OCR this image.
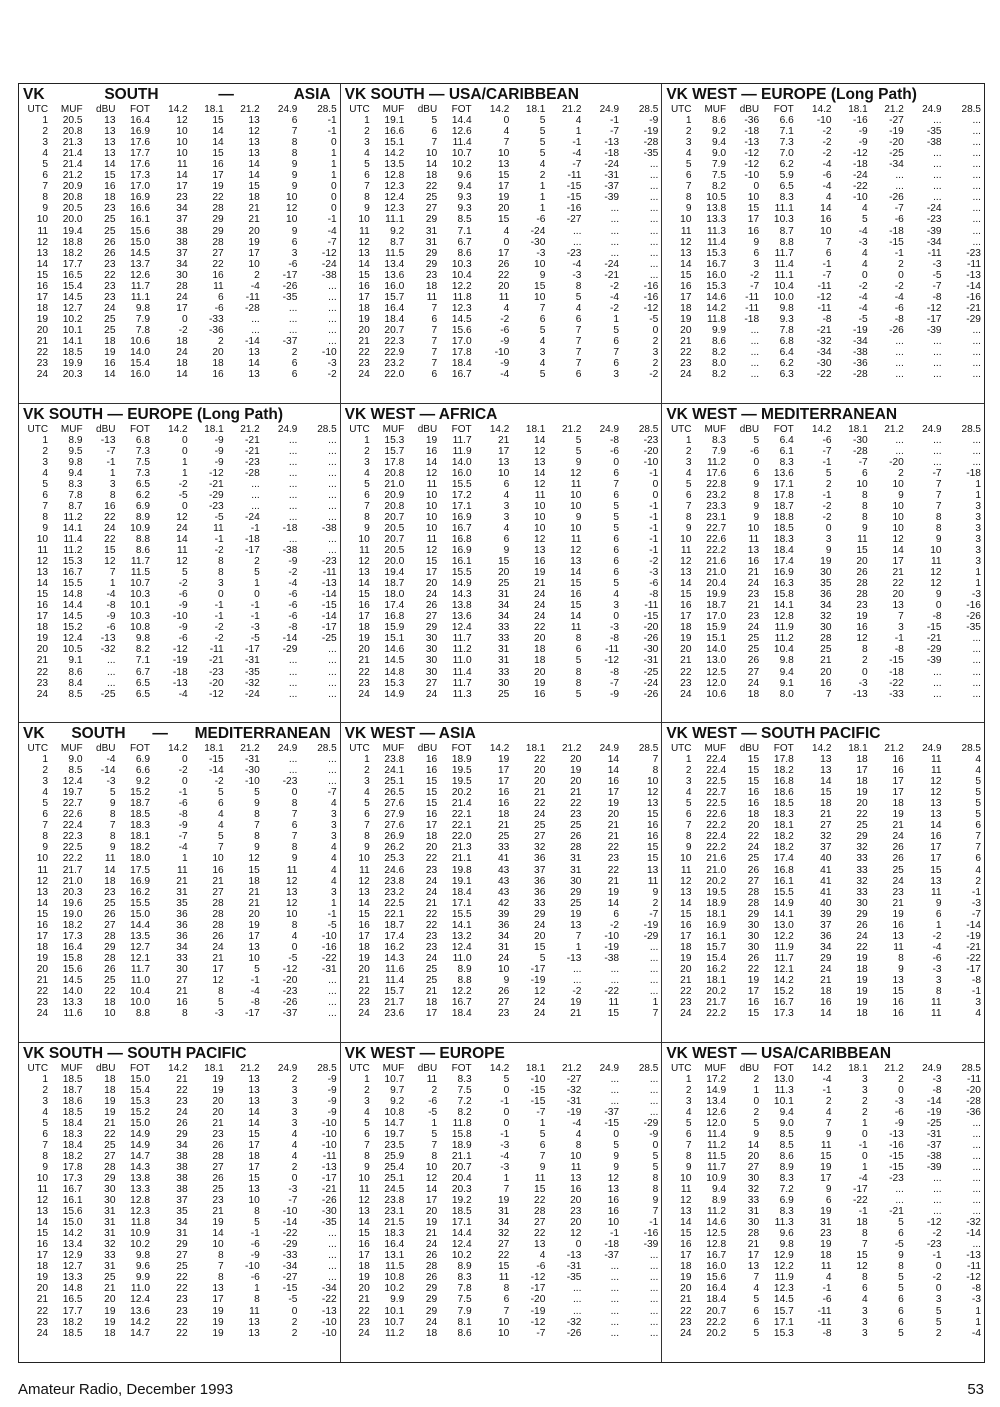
VK	SOUTH	—	ASIA
UTC	MUF	dBU	FOT	14.2	18.1	21.2	24.9	28.5
1	20.5	13	16.4	12	15	13	6	-1
2	20.8	13	16.9	10	14	12	7	-1
3	21.3	13	17.6	10	14	13	8	0
4	21.4	13	17.7	10	15	13	8	1
5	21.4	14	17.6	11	16	14	9	1
6	21.2	15	17.3	14	17	14	9	1
7	20.9	16	17.0	17	19	15	9	0
8	20.8	18	16.9	23	22	18	10	0
9	20.5	23	16.6	34	28	21	12	0
10	20.0	25	16.1	37	29	21	10	-1
11	19.4	25	15.6	38	29	20	9	-4
12	18.8	26	15.0	38	28	19	6	-7
13	18.2	26	14.5	37	27	17	3	-12
14	17.7	23	13.7	34	22	10	-6	-24
15	16.5	22	12.6	30	16	2	-17	-38
16	15.4	23	11.7	28	11	-4	-26	...
17	14.5	23	11.1	24	6	-11	-35	...
18	12.7	24	9.8	17	-6	-28	...	...
19	10.2	25	7.9	0	-33	...	...	...
20	10.1	25	7.8	-2	-36	...	...	...
21	14.1	18	10.6	18	2	-14	-37	...
22	18.5	19	14.0	24	20	13	2	-10
23	19.9	16	15.4	18	18	14	6	-3
24	20.3	14	16.0	14	16	13	6	-2
VK SOUTH — USA/CARIBBEAN
UTC	MUF	dBU	FOT	14.2	18.1	21.2	24.9	28.5
1	19.1	5	14.4	0	5	4	-1	-9
2	16.6	6	12.6	4	5	1	-7	-19
3	15.1	7	11.4	7	5	-1	-13	-28
4	14.2	10	10.7	10	5	-4	-18	-35
5	13.5	14	10.2	13	4	-7	-24	...
6	12.8	18	9.6	15	2	-11	-31	...
7	12.3	22	9.4	17	1	-15	-37	...
8	12.4	25	9.3	19	1	-15	-39	...
9	12.3	27	9.3	20	1	-16	...	...
10	11.1	29	8.5	15	-6	-27	...	...
11	9.2	31	7.1	4	-24	...	...	...
12	8.7	31	6.7	0	-30	...	...	...
13	11.5	29	8.6	17	-3	-23	...	...
14	13.4	29	10.3	26	10	-4	-24	...
15	13.6	23	10.4	22	9	-3	-21	...
16	16.0	18	12.2	20	15	8	-2	-16
17	15.7	11	11.8	11	10	5	-4	-16
18	16.4	7	12.3	4	7	4	-2	-12
19	18.4	6	14.5	-2	6	6	1	-5
20	20.7	7	15.6	-6	5	7	5	0
21	22.3	7	17.0	-9	4	7	6	2
22	22.9	7	17.8	-10	3	7	7	3
23	23.2	7	18.4	-9	4	7	6	2
24	22.0	6	16.7	-4	5	6	3	-2
VK WEST — EUROPE (Long Path)
UTC	MUF	dBU	FOT	14.2	18.1	21.2	24.9	28.5
1	8.6	-36	6.6	-10	-16	-27	...	...
2	9.2	-18	7.1	-2	-9	-19	-35	...
3	9.4	-13	7.3	-2	-9	-20	-38	...
4	9.0	-12	7.0	-2	-12	-25	...	...
5	7.9	-12	6.2	-4	-18	-34	...	...
6	7.5	-10	5.9	-6	-24	...	...	...
7	8.2	0	6.5	-4	-22	...	...	...
8	10.5	10	8.3	4	-10	-26	...	...
9	13.8	15	11.1	14	4	-7	-24	...
10	13.3	17	10.3	16	5	-6	-23	...
11	11.3	16	8.7	10	-4	-18	-39	...
12	11.4	9	8.8	7	-3	-15	-34	...
13	15.3	6	11.7	6	4	-1	-11	-23
14	16.7	3	11.4	-1	4	2	-3	-11
15	16.0	-2	11.1	-7	0	0	-5	-13
16	15.3	-7	10.4	-11	-2	-2	-7	-14
17	14.6	-11	10.0	-12	-4	-4	-8	-16
18	14.2	-11	9.8	-11	-4	-6	-12	-21
19	11.8	-18	9.3	-8	-5	-8	-17	-29
20	9.9	...	7.8	-21	-19	-26	-39	...
21	8.6	...	6.8	-32	-34	...	...	...
22	8.2	...	6.4	-34	-38	...	...	...
23	8.0	...	6.2	-30	-36	...	...	...
24	8.2	...	6.3	-22	-28	...	...	...
VK SOUTH — EUROPE (Long Path)
UTC	MUF	dBU	FOT	14.2	18.1	21.2	24.9	28.5
1	8.9	-13	6.8	0	-9	-21	...	...
2	9.5	-7	7.3	0	-9	-21	...	...
3	9.8	-1	7.5	1	-9	-23	...	...
4	9.4	1	7.3	1	-12	-28	...	...
5	8.3	3	6.5	-2	-21	...	...	...
6	7.8	8	6.2	-5	-29	...	...	...
7	8.7	16	6.9	0	-23	...	...	...
8	11.2	22	8.9	12	-5	-24	...	...
9	14.1	24	10.9	24	11	-1	-18	-38
10	11.4	22	8.8	14	-1	-18	...	...
11	11.2	15	8.6	11	-2	-17	-38	...
12	15.3	12	11.7	12	8	2	-9	-23
13	16.7	7	11.5	5	8	5	-2	-11
14	15.5	1	10.7	-2	3	1	-4	-13
15	14.8	-4	10.3	-6	0	0	-6	-14
16	14.4	-8	10.1	-9	-1	-1	-6	-15
17	14.5	-9	10.3	-10	-1	-1	-6	-14
18	15.2	-6	10.8	-9	-2	-3	-8	-17
19	12.4	-13	9.8	-6	-2	-5	-14	-25
20	10.5	-32	8.2	-12	-11	-17	-29	...
21	9.1	...	7.1	-19	-21	-31	...	...
22	8.6	...	6.7	-18	-23	-35	...	...
23	8.4	...	6.5	-13	-20	-32	...	...
24	8.5	-25	6.5	-4	-12	-24	...	...
VK WEST — AFRICA
UTC	MUF	dBU	FOT	14.2	18.1	21.2	24.9	28.5
1	15.3	19	11.7	21	14	5	-8	-23
2	15.7	16	11.9	17	12	5	-6	-20
3	17.8	14	14.0	13	13	9	0	-10
4	20.8	12	16.0	10	14	12	6	-1
5	21.0	11	15.5	6	12	11	7	0
6	20.9	10	17.2	4	11	10	6	0
7	20.8	10	17.1	3	10	10	5	-1
8	20.7	10	16.9	3	10	9	5	-1
9	20.5	10	16.7	4	10	10	5	-1
10	20.7	11	16.8	6	12	11	6	-1
11	20.5	12	16.9	9	13	12	6	-1
12	20.0	15	16.1	15	16	13	6	-2
13	19.4	17	15.5	20	19	14	6	-3
14	18.7	20	14.9	25	21	15	5	-6
15	18.0	24	14.3	31	24	16	4	-8
16	17.4	26	13.8	34	24	15	3	-11
17	16.8	27	13.6	34	24	14	0	-15
18	15.9	29	12.4	33	22	11	-3	-20
19	15.1	30	11.7	33	20	8	-8	-26
20	14.6	30	11.2	31	18	6	-11	-30
21	14.5	30	11.0	31	18	5	-12	-31
22	14.8	30	11.4	33	20	8	-8	-25
23	15.3	27	11.7	30	19	8	-7	-24
24	14.9	24	11.3	25	16	5	-9	-26
VK WEST — MEDITERRANEAN
UTC	MUF	dBU	FOT	14.2	18.1	21.2	24.9	28.5
1	8.3	5	6.4	-6	-30	...	...	...
2	7.9	-6	6.1	-7	-28	...	...	...
3	11.2	0	8.3	-1	-7	-20	...	...
4	17.6	6	13.6	5	6	2	-7	-18
5	22.8	9	17.1	2	10	10	7	1
6	23.2	8	17.8	-1	8	9	7	1
7	23.3	9	18.7	-2	8	10	7	3
8	23.1	9	18.8	-2	8	10	8	3
9	22.7	10	18.5	0	9	10	8	3
10	22.6	11	18.3	3	11	12	9	3
11	22.2	13	18.4	9	15	14	10	3
12	21.6	16	17.4	19	20	17	11	3
13	21.0	21	16.9	30	26	21	12	1
14	20.4	24	16.3	35	28	22	12	1
15	19.9	23	15.8	36	28	20	9	-3
16	18.7	21	14.1	34	23	13	0	-16
17	17.0	23	12.8	32	19	7	-8	-26
18	15.9	24	11.9	30	16	3	-15	-35
19	15.1	25	11.2	28	12	-1	-21	...
20	14.0	25	10.4	25	8	-8	-29	...
21	13.0	26	9.8	21	2	-15	-39	...
22	12.5	27	9.4	20	0	-18	...	...
23	12.0	24	9.1	16	-3	-22	...	...
24	10.6	18	8.0	7	-13	-33	...	...
VK SOUTH — MEDITERRANEAN
UTC	MUF	dBU	FOT	14.2	18.1	21.2	24.9	28.5
1	9.0	-4	6.9	0	-15	-31	...	...
2	8.5	-14	6.6	-2	-14	-30	...	...
3	12.4	-3	9.2	0	-2	-10	-23	...
4	19.7	5	15.2	-1	5	5	0	-7
5	22.7	9	18.7	-6	6	9	8	4
6	22.6	8	18.5	-8	4	8	7	3
7	22.4	7	18.3	-9	4	7	6	3
8	22.3	8	18.1	-7	5	8	7	3
9	22.5	9	18.2	-4	7	9	8	4
10	22.2	11	18.0	1	10	12	9	4
11	21.7	14	17.5	11	16	15	11	4
12	21.0	18	16.9	21	21	18	12	4
13	20.3	23	16.2	31	27	21	13	3
14	19.6	25	15.5	35	28	21	12	1
15	19.0	26	15.0	36	28	20	10	-1
16	18.2	27	14.4	36	28	19	8	-5
17	17.3	28	13.5	36	26	17	4	-10
18	16.4	29	12.7	34	24	13	0	-16
19	15.8	28	12.1	33	21	10	-5	-22
20	15.6	26	11.7	30	17	5	-12	-31
21	14.5	25	11.0	27	12	-1	-20	...
22	14.0	22	10.4	21	8	-4	-23	...
23	13.3	18	10.0	16	5	-8	-26	...
24	11.6	10	8.8	8	-3	-17	-37	...
VK WEST — ASIA
UTC	MUF	dBU	FOT	14.2	18.1	21.2	24.9	28.5
1	23.8	16	18.9	19	22	20	14	7
2	24.1	16	19.5	17	20	19	14	8
3	25.1	15	19.5	17	20	20	16	10
4	26.5	15	20.2	16	21	21	17	12
5	27.6	15	21.4	16	22	22	19	13
6	27.9	16	22.1	18	24	23	20	15
7	27.6	17	22.1	21	25	25	21	16
8	26.9	18	22.0	25	27	26	21	16
9	26.2	20	21.3	33	32	28	22	15
10	25.3	22	21.1	41	36	31	23	15
11	24.6	23	19.8	43	37	31	22	13
12	23.8	24	19.1	43	36	30	21	11
13	23.2	24	18.4	43	36	29	19	9
14	22.5	21	17.1	42	33	25	14	2
15	22.1	22	15.5	39	29	19	6	-7
16	18.7	22	14.1	36	24	13	-2	-19
17	17.4	23	13.2	34	20	7	-10	-29
18	16.2	23	12.4	31	15	1	-19	...
19	14.3	24	11.0	24	5	-13	-38	...
20	11.6	25	8.9	10	-17	...	...	...
21	11.4	25	8.8	9	-19	...	...	...
22	15.7	21	12.2	26	12	-2	-22	...
23	21.7	18	16.7	27	24	19	11	1
24	23.6	17	18.4	23	24	21	15	7
VK WEST — SOUTH PACIFIC
UTC	MUF	dBU	FOT	14.2	18.1	21.2	24.9	28.5
1	22.4	15	17.8	13	18	16	11	4
2	22.4	15	18.2	13	17	16	11	4
3	22.5	15	16.8	14	18	17	12	5
4	22.7	16	18.6	15	19	17	12	5
5	22.5	16	18.5	18	20	18	13	5
6	22.6	18	18.3	21	22	19	13	5
7	22.2	20	18.1	27	25	21	14	6
8	22.4	22	18.2	32	29	24	16	7
9	22.2	24	18.2	37	32	26	17	7
10	21.6	25	17.4	40	33	26	17	6
11	21.0	26	16.8	41	33	25	15	4
12	20.2	27	16.1	41	32	24	13	2
13	19.5	28	15.5	41	33	23	11	-1
14	18.9	28	14.9	40	30	21	9	-3
15	18.1	29	14.1	39	29	19	6	-7
16	16.9	30	13.0	37	26	16	1	-14
17	16.1	30	12.2	36	24	13	-2	-19
18	15.7	30	11.9	34	22	11	-4	-21
19	15.4	26	11.7	29	19	8	-6	-22
20	16.2	22	12.1	24	18	9	-3	-17
21	18.1	19	14.2	21	19	13	3	-8
22	20.2	17	15.2	18	19	15	8	-1
23	21.7	16	16.7	16	19	16	11	3
24	22.2	15	17.3	14	18	16	11	4
VK SOUTH — SOUTH PACIFIC
UTC	MUF	dBU	FOT	14.2	18.1	21.2	24.9	28.5
1	18.5	18	15.0	21	19	13	2	-9
2	18.7	18	15.4	22	19	13	3	-9
3	18.6	19	15.3	23	20	13	3	-9
4	18.5	19	15.2	24	20	14	3	-9
5	18.4	21	15.0	26	21	14	3	-10
6	18.3	22	14.9	29	23	15	4	-10
7	18.4	25	14.9	34	26	17	4	-10
8	18.2	27	14.7	38	28	18	4	-11
9	17.8	28	14.3	38	27	17	2	-13
10	17.3	29	13.8	38	26	15	0	-17
11	16.7	30	13.3	38	25	13	-3	-21
12	16.1	30	12.8	37	23	10	-7	-26
13	15.6	31	12.3	35	21	8	-10	-30
14	15.0	31	11.8	34	19	5	-14	-35
15	14.2	31	10.9	31	14	-1	-22	...
16	13.4	32	10.2	29	10	-6	-29	...
17	12.9	33	9.8	27	8	-9	-33	...
18	12.7	31	9.6	25	7	-10	-34	...
19	13.3	25	9.9	22	8	-6	-27	...
20	14.8	21	11.0	22	13	1	-15	-34
21	16.5	20	12.4	23	17	8	-5	-22
22	17.7	19	13.6	23	19	11	0	-13
23	18.2	19	14.2	22	19	13	2	-10
24	18.5	18	14.7	22	19	13	2	-10
VK WEST — EUROPE
UTC	MUF	dBU	FOT	14.2	18.1	21.2	24.9	28.5
1	10.7	11	8.3	5	-10	-27	...	...
2	9.7	2	7.5	0	-15	-32	...	...
3	9.2	-6	7.2	-1	-15	-31	...	...
4	10.8	-5	8.2	0	-7	-19	-37	...
5	14.7	1	11.8	0	1	-4	-15	-29
6	19.7	5	15.8	-1	5	4	0	-9
7	23.5	7	18.9	-3	6	8	5	0
8	25.9	8	21.1	-4	7	10	9	5
9	25.4	10	20.7	-3	9	11	9	5
10	25.1	12	20.4	1	11	13	12	8
11	24.5	14	20.3	7	15	16	13	8
12	23.8	17	19.2	19	22	20	16	9
13	23.1	20	18.5	31	28	23	16	7
14	21.5	19	17.1	34	27	20	10	-1
15	18.3	21	14.4	32	22	12	-1	-16
16	16.4	24	12.4	27	13	0	-18	-39
17	13.1	26	10.2	22	4	-13	-37	...
18	11.5	28	8.9	15	-6	-31	...	...
19	10.8	26	8.3	11	-12	-35	...	...
20	10.2	29	7.8	8	-17	...	...	...
21	9.9	29	7.5	6	-20	...	...	...
22	10.1	29	7.9	7	-19	...	...	...
23	10.7	24	8.1	10	-12	-32	...	...
24	11.2	18	8.6	10	-7	-26	...	...
VK WEST — USA/CARIBBEAN
UTC	MUF	dBU	FOT	14.2	18.1	21.2	24.9	28.5
1	17.2	2	13.0	-4	3	2	-3	-11
2	14.9	1	11.3	-1	3	0	-8	-20
3	13.4	0	10.1	2	2	-3	-14	-28
4	12.6	2	9.4	4	2	-6	-19	-36
5	12.0	5	9.0	7	1	-9	-25	...
6	11.4	9	8.5	9	0	-13	-31	...
7	11.2	14	8.5	11	-1	-16	-37	...
8	11.5	20	8.6	15	0	-15	-38	...
9	11.7	27	8.9	19	1	-15	-39	...
10	10.9	30	8.3	17	-4	-23	...	...
11	9.4	32	7.2	9	-17	...	...	...
12	8.9	33	6.9	6	-22	...	...	...
13	11.2	31	8.3	19	-1	-21	...	...
14	14.6	30	11.3	31	18	5	-12	-32
15	12.5	28	9.6	23	8	6	-2	-14
16	12.8	21	9.8	19	7	-5	-23	...
17	16.7	17	12.9	18	15	9	-1	-13
18	16.0	13	12.2	11	12	8	0	-11
19	15.6	7	11.9	4	8	5	-2	-12
20	16.4	4	12.3	-1	6	5	0	-8
21	18.4	5	14.5	-6	4	6	3	-3
22	20.7	6	15.7	-11	3	6	5	1
23	22.2	6	17.1	-11	3	6	5	1
24	20.2	5	15.3	-8	3	5	2	-4
Amateur Radio, December 1993	53
